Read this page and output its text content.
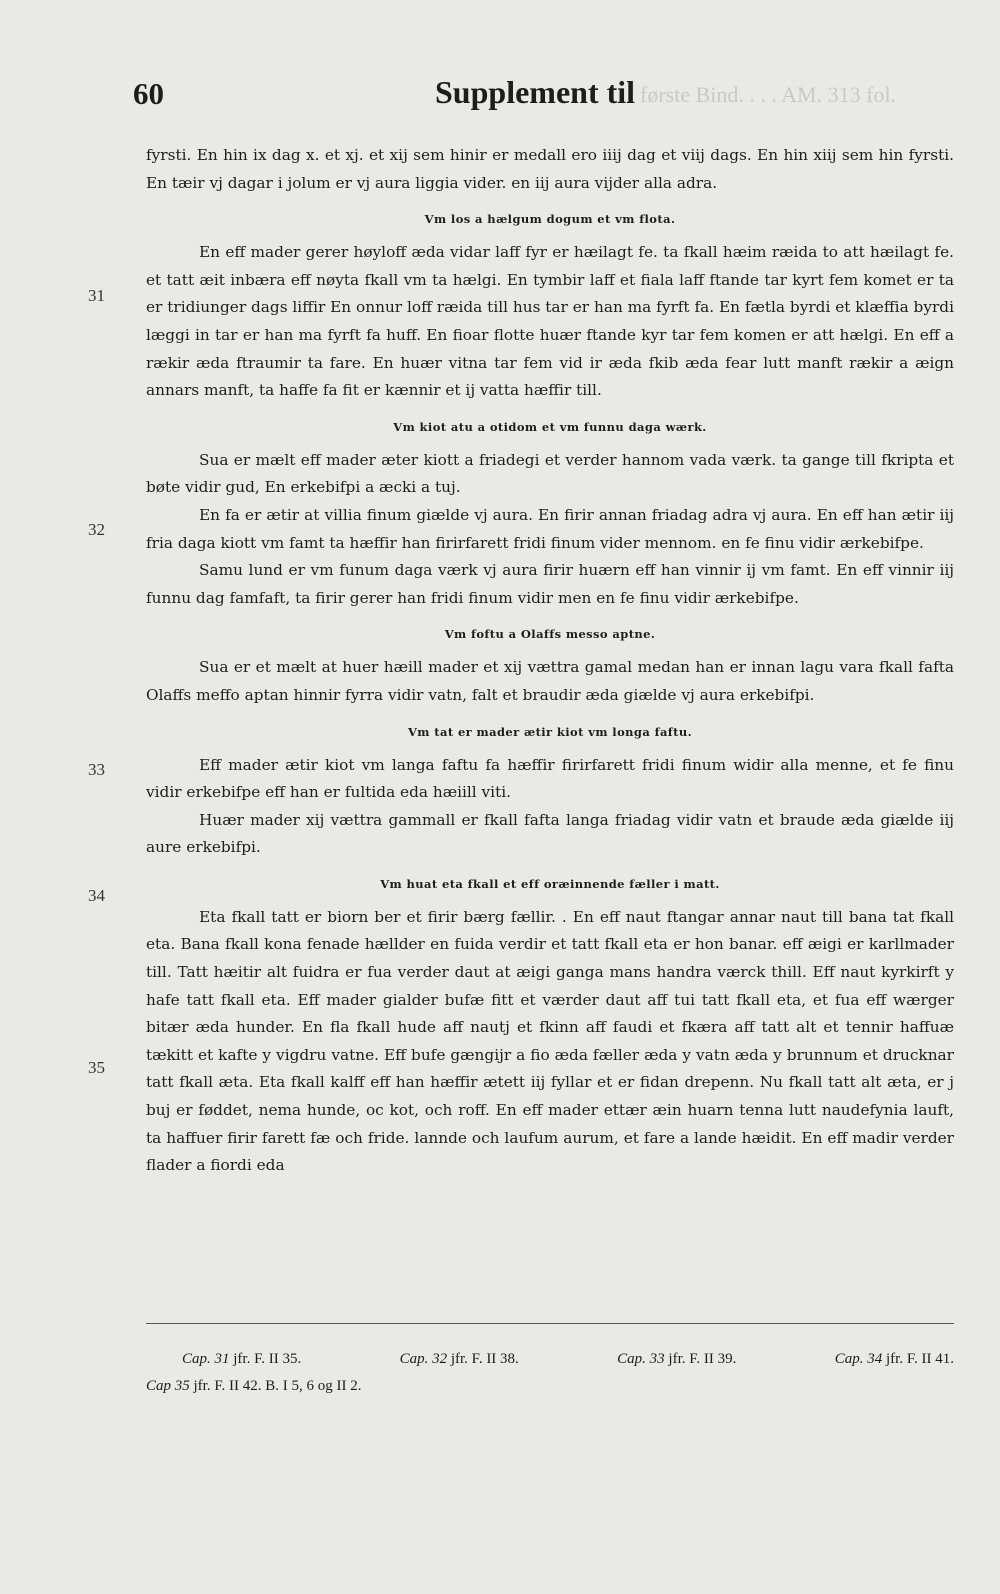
60	Supplement til første Bind. . . . AM. 313 fol.
31
32
33
34
35

fyrsti. En hin ix dag x. et xj. et xij sem hinir er medall ero iiij dag et viij dags. En hin xiij sem hin fyrsti. En tæir vj dagar i jolum er vj aura liggia vider. en iij aura vijder alla adra.

Vm los a hælgum dogum et vm flota.

En eff mader gerer høyloff æda vidar laff fyr er hæilagt fe. ta fkall hæim ræida to att hæilagt fe. et tatt æit inbæra eff nøyta fkall vm ta hælgi. En tymbir laff et fiala laff ftande tar kyrt fem komet er ta er tridiunger dags liffir En onnur loff ræida till hus tar er han ma fyrft fa. En fætla byrdi et klæffia byrdi læggi in tar er han ma fyrft fa huff. En fioar flotte huær ftande kyr tar fem komen er att hælgi. En eff a rækir æda ftraumir ta fare. En huær vitna tar fem vid ir æda fkib æda fear lutt manft rækir a æign annars manft, ta haffe fa fit er kænnir et ij vatta hæffir till.

Vm kiot atu a otidom et vm funnu daga wærk.

Sua er mælt eff mader æter kiott a friadegi et verder hannom vada værk. ta gange till fkripta et bøte vidir gud, En erkebifpi a æcki a tuj.

En fa er ætir at villia finum giælde vj aura. En firir annan friadag adra vj aura. En eff han ætir iij fria daga kiott vm famt ta hæffir han firirfarett fridi finum vider mennom. en fe finu vidir ærkebifpe.

Samu lund er vm funum daga værk vj aura firir huærn eff han vinnir ij vm famt. En eff vinnir iij funnu dag famfaft, ta firir gerer han fridi finum vidir men en fe finu vidir ærkebifpe.

Vm foftu a Olaffs messo aptne.

Sua er et mælt at huer hæill mader et xij vættra gamal medan han er innan lagu vara fkall fafta Olaffs meffo aptan hinnir fyrra vidir vatn, falt et braudir æda giælde vj aura erkebifpi.

Vm tat er mader ætir kiot vm longa faftu.

Eff mader ætir kiot vm langa faftu fa hæffir firirfarett fridi finum widir alla menne, et fe finu vidir erkebifpe eff han er fultida eda hæiill viti.

Huær mader xij vættra gammall er fkall fafta langa friadag vidir vatn et braude æda giælde iij aure erkebifpi.

Vm huat eta fkall et eff oræinnende fæller i matt.

Eta fkall tatt er biorn ber et firir bærg fællir. . En eff naut ftangar annar naut till bana tat fkall eta. Bana fkall kona fenade hællder en fuida verdir et tatt fkall eta er hon banar. eff æigi er karllmader till. Tatt hæitir alt fuidra er fua verder daut at æigi ganga mans handra værck thill. Eff naut kyrkirft y hafe tatt fkall eta. Eff mader gialder bufæ fitt et værder daut aff tui tatt fkall eta, et fua eff wærger bitær æda hunder. En fla fkall hude aff nautj et fkinn aff faudi et fkæra aff tatt alt et tennir haffuæ tækitt et kafte y vigdru vatne. Eff bufe gængijr a fio æda fæller æda y vatn æda y brunnum et drucknar tatt fkall æta. Eta fkall kalff eff han hæffir ætett iij fyllar et er fidan drepenn. Nu fkall tatt alt æta, er j buj er føddet, nema hunde, oc kot, och roff. En eff mader ettær æin huarn tenna lutt naudefynia lauft, ta haffuer firir farett fæ och fride. lannde och laufum aurum, et fare a lande hæidit. En eff madir verder flader a fiordi eda

Cap. 31 jfr. F. II 35.	Cap. 32 jfr. F. II 38.	Cap. 33 jfr. F. II 39.	Cap. 34 jfr. F. II 41.
Cap 35 jfr. F. II 42. B. I 5, 6 og II 2.
